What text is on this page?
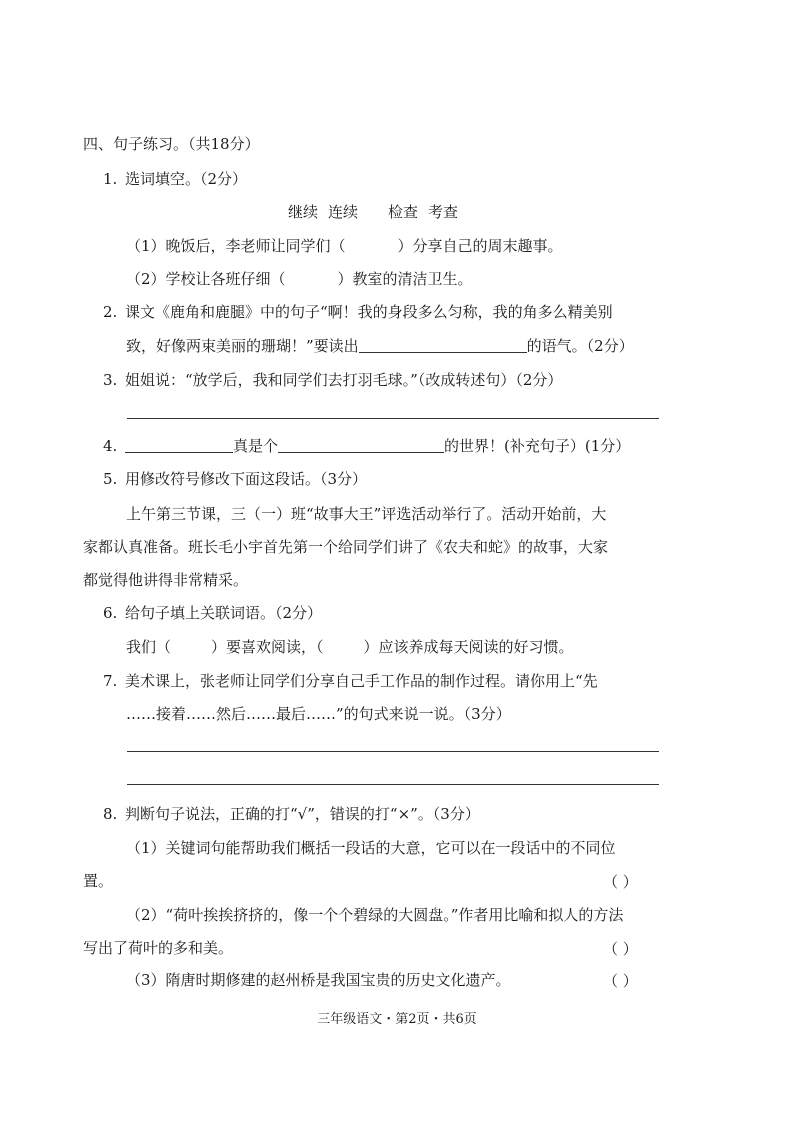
四、句子练习。（共18分）
1. 选词填空。（2分）
继续 连续 检查 考查
（1）晚饭后，李老师让同学们（	）分享自己的周末趣事。
（2）学校让各班仔细（	）教室的清洁卫生。
2. 课文《鹿角和鹿腿》中的句子“啊！我的身段多么匀称，我的角多么精美别
致，好像两束美丽的珊瑚！”要读出	的语气。（2分）
3. 姐姐说：“放学后，我和同学们去打羽毛球。”（改成转述句）（2分）
4.	真是个	的世界！(补充句子）(1分）
5. 用修改符号修改下面这段话。（3分）
上午第三节课，三（一）班“故事大王”评选活动举行了。活动开始前，大
家都认真准备。班长毛小宇首先第一个给同学们讲了《农夫和蛇》的故事，大家
都觉得他讲得非常精采。
6. 给句子填上关联词语。（2分）
我们（	）要喜欢阅读，（	）应该养成每天阅读的好习惯。
7. 美术课上，张老师让同学们分享自己手工作品的制作过程。请你用上“先
……接着……然后……最后……”的句式来说一说。（3分）
8. 判断句子说法，正确的打“√”，错误的打“×”。（3分）
（1）关键词句能帮助我们概括一段话的大意，它可以在一段话中的不同位
置。	（ ）
（2）“荷叶挨挨挤挤的，像一个个碧绿的大圆盘。”作者用比喻和拟人的方法
写出了荷叶的多和美。	（ ）
（3）隋唐时期修建的赵州桥是我国宝贵的历史文化遗产。	（ ）
三年级语文・第2页・共6页
